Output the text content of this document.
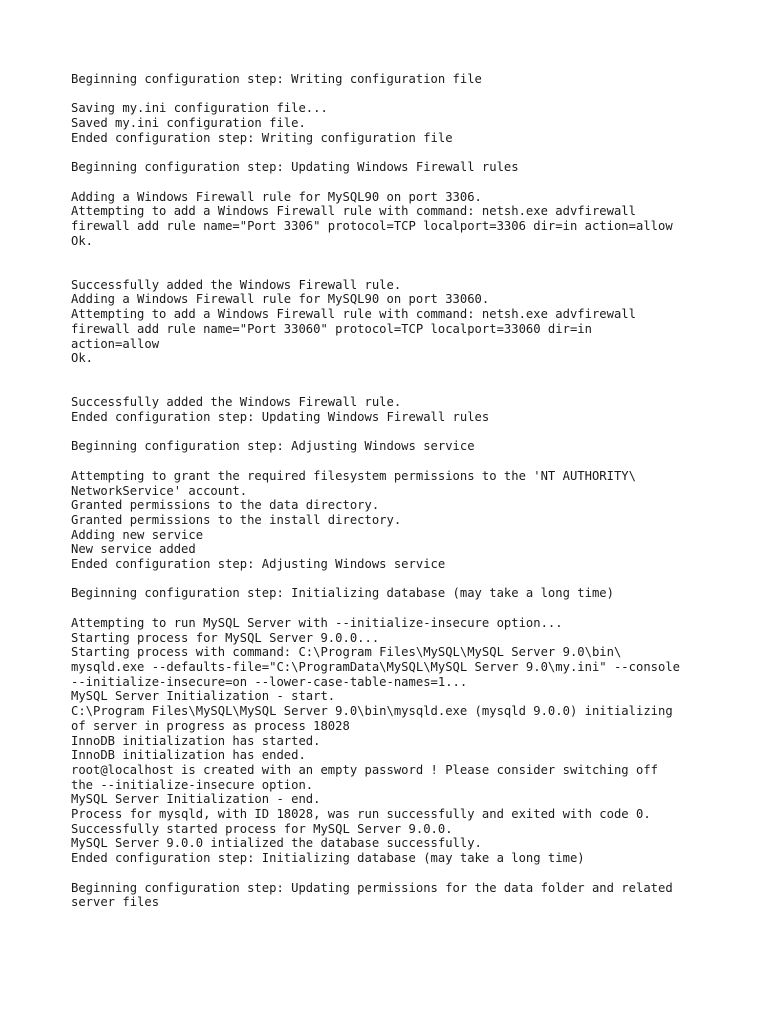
Beginning configuration step: Writing configuration file
Saving my.ini configuration file...
Saved my.ini configuration file.
Ended configuration step: Writing configuration file
Beginning configuration step: Updating Windows Firewall rules
Adding a Windows Firewall rule for MySQL90 on port 3306.
Attempting to add a Windows Firewall rule with command: netsh.exe advfirewall
firewall add rule name="Port 3306" protocol=TCP localport=3306 dir=in action=allow
Ok.
Successfully added the Windows Firewall rule.
Adding a Windows Firewall rule for MySQL90 on port 33060.
Attempting to add a Windows Firewall rule with command: netsh.exe advfirewall
firewall add rule name="Port 33060" protocol=TCP localport=33060 dir=in
action=allow
Ok.
Successfully added the Windows Firewall rule.
Ended configuration step: Updating Windows Firewall rules
Beginning configuration step: Adjusting Windows service
Attempting to grant the required filesystem permissions to the 'NT AUTHORITY\
NetworkService' account.
Granted permissions to the data directory.
Granted permissions to the install directory.
Adding new service
New service added
Ended configuration step: Adjusting Windows service
Beginning configuration step: Initializing database (may take a long time)
Attempting to run MySQL Server with --initialize-insecure option...
Starting process for MySQL Server 9.0.0...
Starting process with command: C:\Program Files\MySQL\MySQL Server 9.0\bin\
mysqld.exe --defaults-file="C:\ProgramData\MySQL\MySQL Server 9.0\my.ini" --console
--initialize-insecure=on --lower-case-table-names=1...
MySQL Server Initialization - start.
C:\Program Files\MySQL\MySQL Server 9.0\bin\mysqld.exe (mysqld 9.0.0) initializing
of server in progress as process 18028
InnoDB initialization has started.
InnoDB initialization has ended.
root@localhost is created with an empty password ! Please consider switching off
the --initialize-insecure option.
MySQL Server Initialization - end.
Process for mysqld, with ID 18028, was run successfully and exited with code 0.
Successfully started process for MySQL Server 9.0.0.
MySQL Server 9.0.0 intialized the database successfully.
Ended configuration step: Initializing database (may take a long time)
Beginning configuration step: Updating permissions for the data folder and related
server files
